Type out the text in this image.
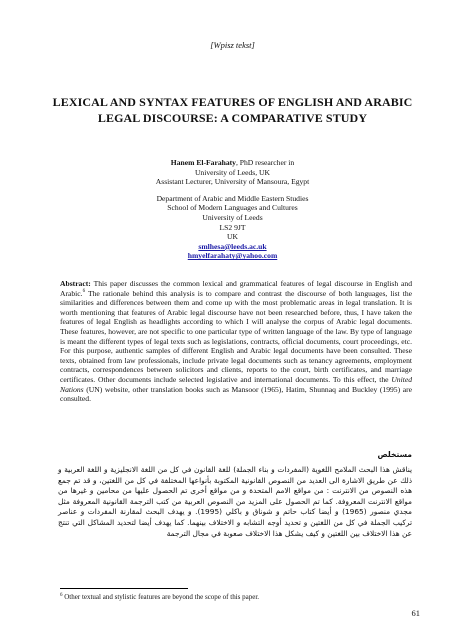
[Wpisz tekst]
LEXICAL AND SYNTAX FEATURES OF ENGLISH AND ARABIC LEGAL DISCOURSE: A COMPARATIVE STUDY
Hanem El-Farahaty, PhD researcher in
University of Leeds, UK
Assistant Lecturer, University of Mansoura, Egypt
Department of Arabic and Middle Eastern Studies
School of Modern Languages and Cultures
University of Leeds
LS2 9JT
UK
smlhesa@leeds.ac.uk
hmyelfarahaty@yahoo.com
Abstract: This paper discusses the common lexical and grammatical features of legal discourse in English and Arabic.$^6$ The rationale behind this analysis is to compare and contrast the discourse of both languages, list the similarities and differences between them and come up with the most problematic areas in legal translation. It is worth mentioning that features of Arabic legal discourse have not been researched before, thus, I have taken the features of legal English as headlights according to which I will analyse the corpus of Arabic legal documents. These features, however, are not specific to one particular type of written language of the law. By type of language is meant the different types of legal texts such as legislations, contracts, official documents, court proceedings, etc. For this purpose, authentic samples of different English and Arabic legal documents have been consulted. These texts, obtained from law professionals, include private legal documents such as tenancy agreements, employment contracts, correspondences between solicitors and clients, reports to the court, birth certificates, and marriage certificates. Other documents include selected legislative and international documents. To this effect, the United Nations (UN) website, other translation books such as Mansoor (1965), Hatim, Shunnaq and Buckley (1995) are consulted.
مستخلص
يناقش هذا البحث الملامح اللغوية (المفردات و بناء الجملة) للغة القانون في كل من اللغة الانجليزية و اللغة العربية و ذلك عن طريق الاشارة الى العديد من النصوص القانونية المكتوبة بأنواعها المختلفة في كل من اللغتين، و قد تم جمع هذه النصوص من الانترنت : من مواقع الامم المتحدة و من مواقع أخرى تم الحصول عليها من محامين و غيرها من مواقع الانترنت المعروفة. كما تم الحصول على المزيد من النصوص العربية من كتب الترجمة القانونية المعروفة مثل مجدي منصور (1965) و أيضا كتاب حاتم و شوناق و باكلي (1995). و يهدف البحث لمقارنة المفردات و عناصر تركيب الجملة في كل من اللغتين و تحديد أوجه التشابه و الاختلاف بينهما. كما يهدف أيضا لتحديد المشاكل التي تنتج عن هذا الاختلاف بين اللغتين و كيف يشكل هذا الاختلاف صعوبة في مجال الترجمة
$^6$ Other textual and stylistic features are beyond the scope of this paper.
61
